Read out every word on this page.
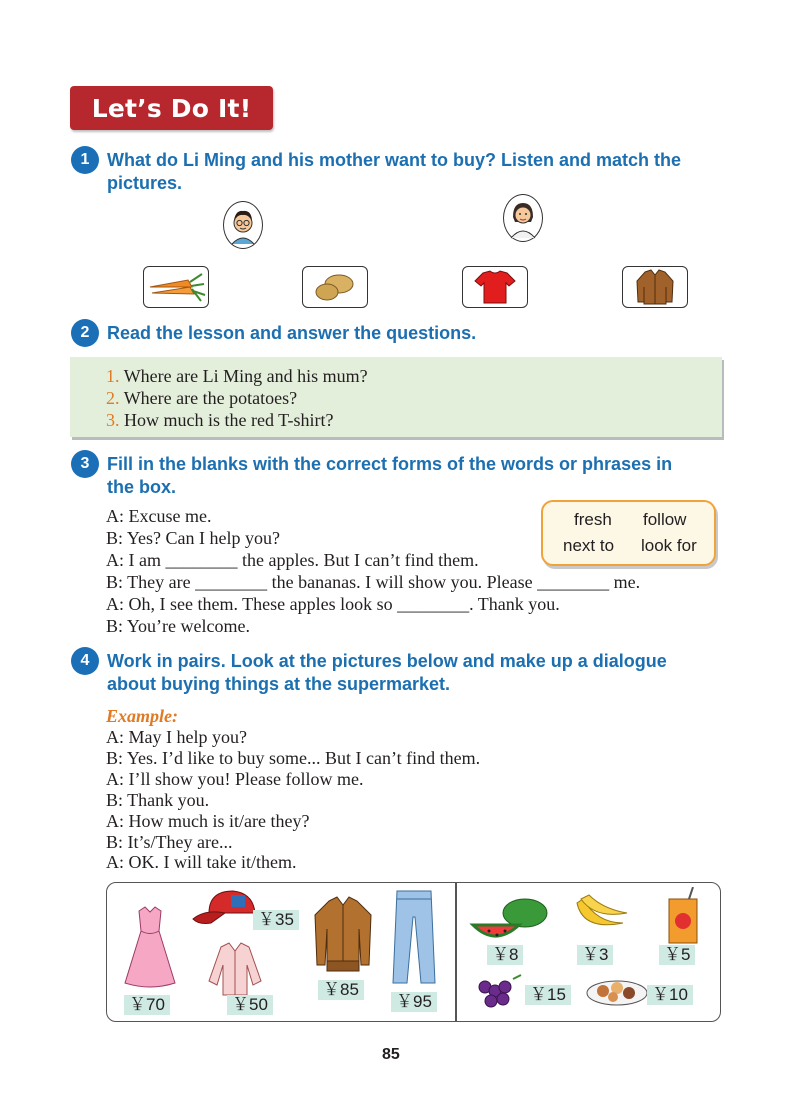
Let’s Do It!
1 What do Li Ming and his mother want to buy? Listen and match the
pictures.
2 Read the lesson and answer the questions.
1. Where are Li Ming and his mum?
2. Where are the potatoes?
3. How much is the red T-shirt?
3 Fill in the blanks with the correct forms of the words or phrases in
the box.
fresh follow
next to look for
A: Excuse me.
B: Yes? Can I help you?
A: I am ________ the apples. But I can’t find them.
B: They are ________ the bananas. I will show you. Please ________ me.
A: Oh, I see them. These apples look so ________. Thank you.
B: You’re welcome.
4 Work in pairs. Look at the pictures below and make up a dialogue
about buying things at the supermarket.
Example:
A: May I help you?
B: Yes. I’d like to buy some... But I can’t find them.
A: I’ll show you! Please follow me.
B: Thank you.
A: How much is it/are they?
B: It’s/They are...
A: OK. I will take it/them.
￥70
￥35
￥50
￥85
￥95
￥8	￥3	￥5
￥15	￥10
85
